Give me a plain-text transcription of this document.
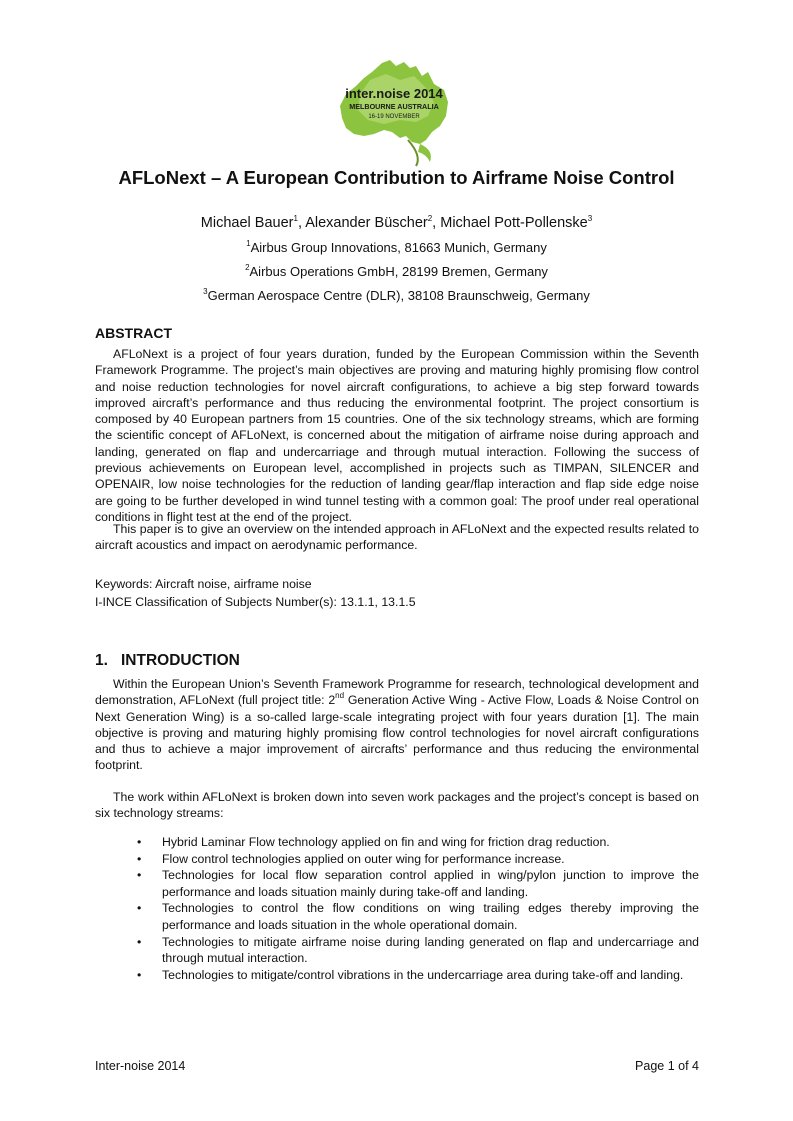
inter.noise 2014
MELBOURNE AUSTRALIA
16-19 NOVEMBER
AFLoNext – A European Contribution to Airframe Noise Control
Michael Bauer$^1$, Alexander Büscher$^2$, Michael Pott-Pollenske$^3$
$^1$Airbus Group Innovations, 81663 Munich, Germany
$^2$Airbus Operations GmbH, 28199 Bremen, Germany
$^3$German Aerospace Centre (DLR), 38108 Braunschweig, Germany
ABSTRACT

AFLoNext is a project of four years duration, funded by the European Commission within the Seventh Framework Programme. The project’s main objectives are proving and maturing highly promising flow control and noise reduction technologies for novel aircraft configurations, to achieve a big step forward towards improved aircraft’s performance and thus reducing the environmental footprint. The project consortium is composed by 40 European partners from 15 countries. One of the six technology streams, which are forming the scientific concept of AFLoNext, is concerned about the mitigation of airframe noise during approach and landing, generated on flap and undercarriage and through mutual interaction. Following the success of previous achievements on European level, accomplished in projects such as TIMPAN, SILENCER and OPENAIR, low noise technologies for the reduction of landing gear/flap interaction and flap side edge noise are going to be further developed in wind tunnel testing with a common goal: The proof under real operational conditions in flight test at the end of the project.

This paper is to give an overview on the intended approach in AFLoNext and the expected results related to aircraft acoustics and impact on aerodynamic performance.

Keywords: Aircraft noise, airframe noise

I-INCE Classification of Subjects Number(s): 13.1.1, 13.1.5

1. INTRODUCTION

Within the European Union’s Seventh Framework Programme for research, technological development and demonstration, AFLoNext (full project title: 2nd Generation Active Wing - Active Flow, Loads & Noise Control on Next Generation Wing) is a so-called large-scale integrating project with four years duration [1]. The main objective is proving and maturing highly promising flow control technologies for novel aircraft configurations and thus to achieve a major improvement of aircrafts’ performance and thus reducing the environmental footprint.

The work within AFLoNext is broken down into seven work packages and the project’s concept is based on six technology streams:

• Hybrid Laminar Flow technology applied on fin and wing for friction drag reduction.
• Flow control technologies applied on outer wing for performance increase.
• Technologies for local flow separation control applied in wing/pylon junction to improve the performance and loads situation mainly during take-off and landing.
• Technologies to control the flow conditions on wing trailing edges thereby improving the performance and loads situation in the whole operational domain.
• Technologies to mitigate airframe noise during landing generated on flap and undercarriage and through mutual interaction.
• Technologies to mitigate/control vibrations in the undercarriage area during take-off and landing.

Inter-noise 2014	Page 1 of 4
